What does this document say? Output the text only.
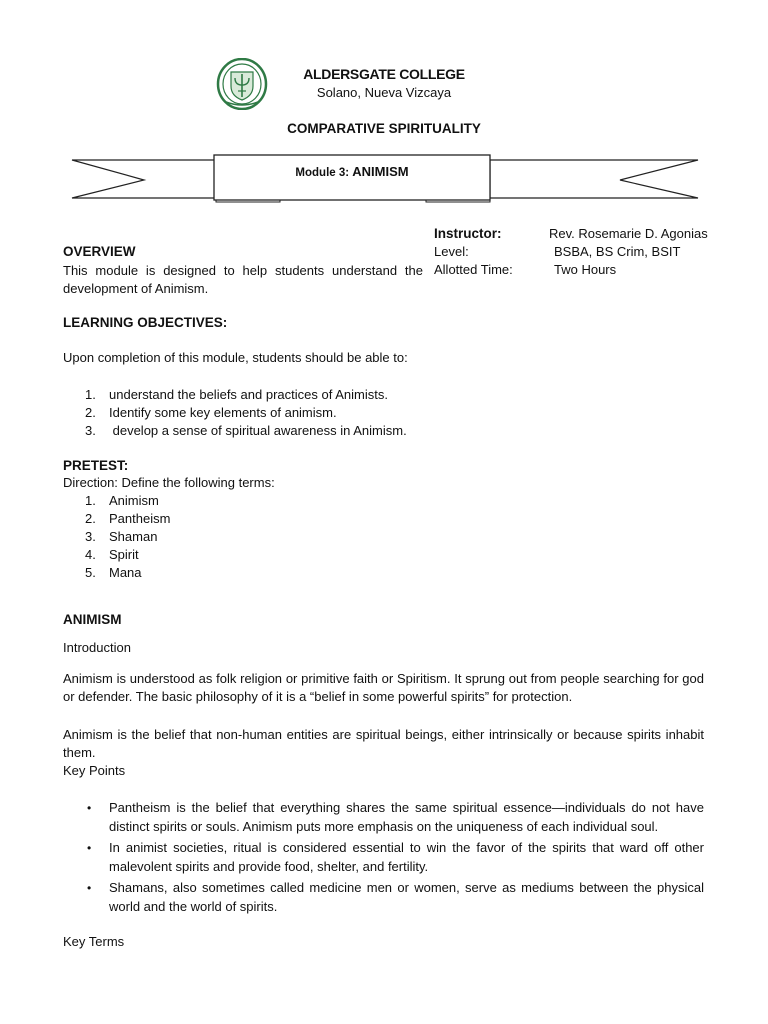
ALDERSGATE COLLEGE
Solano, Nueva Vizcaya
COMPARATIVE SPIRITUALITY
Module 3: ANIMISM
Instructor:	Rev. Rosemarie D. Agonias
Level:	BSBA, BS Crim, BSIT
Allotted Time:	Two Hours
OVERVIEW
This module is designed to help students understand the development of Animism.
LEARNING OBJECTIVES:
Upon completion of this module, students should be able to:
1. understand the beliefs and practices of Animists.
2. Identify some key elements of animism.
3. develop a sense of spiritual awareness in Animism.
PRETEST:
Direction: Define the following terms:
1. Animism
2. Pantheism
3. Shaman
4. Spirit
5. Mana
ANIMISM
Introduction
Animism is understood as folk religion or primitive faith or Spiritism. It sprung out from people searching for god or defender. The basic philosophy of it is a “belief in some powerful spirits” for protection.
Animism is the belief that non-human entities are spiritual beings, either intrinsically or because spirits inhabit them.
Key Points
• Pantheism is the belief that everything shares the same spiritual essence—individuals do not have distinct spirits or souls. Animism puts more emphasis on the uniqueness of each individual soul.
• In animist societies, ritual is considered essential to win the favor of the spirits that ward off other malevolent spirits and provide food, shelter, and fertility.
• Shamans, also sometimes called medicine men or women, serve as mediums between the physical world and the world of spirits.
Key Terms
